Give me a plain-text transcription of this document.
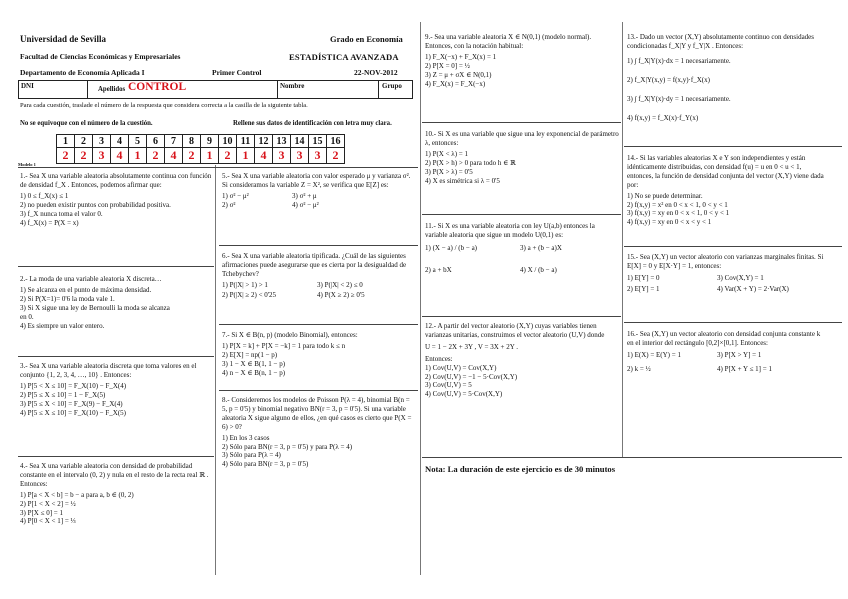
Universidad de Sevilla	Grado en Economía
Facultad de Ciencias Económicas y Empresariales	ESTADÍSTICA AVANZADA
Departamento de Economía Aplicada I	Primer Control	22-NOV-2012
DNI	Apellidos CONTROL	Nombre	Grupo
Para cada cuestión, traslade el número de la respuesta que considera correcta a la casilla de la siguiente tabla.
No se equivoque con el número de la cuestión.	Rellene sus datos de identificación con letra muy clara.
1	2	3	4	5	6	7	8	9	10	11	12	13	14	15	16
2	2	3	4	1	2	4	2	1	2	1	4	3	3	3	2
Modelo 1
1.- Sea X una variable aleatoria absolutamente continua con función de densidad f_X . Entonces, podemos afirmar que:
1) 0 ≤ f_X(x) ≤ 1
2) no pueden existir puntos con probabilidad positiva.
3) f_X nunca toma el valor 0.
4) f_X(x) = P(X = x)
2.- La moda de una variable aleatoria X discreta…
1) Se alcanza en el punto de máxima densidad.
2) Si P(X=1)= 0'6 la moda vale 1.
3) Si X sigue una ley de Bernoulli la moda se alcanza
en 0.
4) Es siempre un valor entero.
3.- Sea X una variable aleatoria discreta que toma valores en el conjunto {1, 2, 3, 4, …, 10} . Entonces:
1) P[5 < X ≤ 10] = F_X(10) − F_X(4)
2) P[5 ≤ X ≤ 10] = 1 − F_X(5)
3) P[5 ≤ X < 10] = F_X(9) − F_X(4)
4) P[5 ≤ X ≤ 10] = F_X(10) − F_X(5)
4.- Sea X una variable aleatoria con densidad de probabilidad constante en el intervalo (0, 2) y nula en el resto de la recta real ℝ . Entonces:
1) P[a < X < b] = b − a para a, b ∈ (0, 2)
2) P[1 < X < 2] = ½
3) P[X ≤ 0] = 1
4) P[0 < X < 1] = ⅓
5.- Sea X una variable aleatoria con valor esperado μ y varianza σ². Si consideramos la variable Z = X², se verifica que E[Z] es:
1) σ² − μ²	3) σ² + μ
2) σ²	4) σ² − μ²
6.- Sea X una variable aleatoria tipificada. ¿Cuál de las siguientes afirmaciones puede asegurarse que es cierta por la desigualdad de Tchebychev?
1) P(|X| > 1) > 1	3) P(|X| < 2) ≤ 0
2) P(|X| ≥ 2) < 0'25	4) P(X ≥ 2) ≥ 0'5
7.- Si X ∈ B(n, p) (modelo Binomial), entonces:
1) P[X = k] + P[X = −k] = 1 para todo k ≤ n
2) E[X] = np(1 − p)
3) 1 − X ∈ B(1, 1 − p)
4) n − X ∈ B(n, 1 − p)
8.- Consideremos los modelos de Poisson P(λ = 4), binomial B(n = 5, p = 0'5) y binomial negativo BN(r = 3, p = 0'5). Si una variable aleatoria X sigue alguno de ellos, ¿en qué casos es cierto que P(X = 6) > 0?
1) En los 3 casos
2) Sólo para BN(r = 3, p = 0'5) y para P(λ = 4)
3) Sólo para P(λ = 4)
4) Sólo para BN(r = 3, p = 0'5)
9.- Sea una variable aleatoria X ∈ N(0,1) (modelo normal). Entonces, con la notación habitual:
1) F_X(−x) + F_X(x) = 1
2) P[X = 0] = ½
3) Z = μ + σX ∈ N(0,1)
4) F_X(x) = F_X(−x)
10.- Si X es una variable que sigue una ley exponencial de parámetro λ, entonces:
1) P(X < λ) = 1
2) P(X > h) > 0 para todo h ∈ ℝ
3) P(X > λ) = 0'5
4) X es simétrica si λ = 0'5
11.- Si X es una variable aleatoria con ley U(a,b) entonces la variable aleatoria que sigue un modelo U(0,1) es:
1) (X − a) / (b − a)	3) a + (b − a)X
2) a + bX	4) X / (b − a)
12.- A partir del vector aleatorio (X,Y) cuyas variables tienen varianzas unitarias, construimos el vector aleatorio (U,V) donde
U = 1 − 2X + 3Y , V = 3X + 2Y .
Entonces:
1) Cov(U,V) = Cov(X,Y)
2) Cov(U,V) = −1 − 5·Cov(X,Y)
3) Cov(U,V) = 5
4) Cov(U,V) = 5·Cov(X,Y)
Nota: La duración de este ejercicio es de 30 minutos
13.- Dado un vector (X,Y) absolutamente continuo con densidades condicionadas f_X|Y y f_Y|X . Entonces:
1) ∫ f_X|Y(x)·dx = 1 necesariamente.
2) f_X|Y(x,y) = f(x,y)·f_X(x)
3) ∫ f_X|Y(x)·dy = 1 necesariamente.
4) f(x,y) = f_X(x)·f_Y(x)
14.- Si las variables aleatorias X e Y son independientes y están idénticamente distribuidas, con densidad f(u) = u en 0 < u < 1, entonces, la función de densidad conjunta del vector (X,Y) viene dada por:
1) No se puede determinar.
2) f(x,y) = x² en 0 < x < 1, 0 < y < 1
3) f(x,y) = xy en 0 < x < 1, 0 < y < 1
4) f(x,y) = xy en 0 < x < y < 1
15.- Sea (X,Y) un vector aleatorio con varianzas marginales finitas. Si E[X] = 0 y E[X·Y] = 1, entonces:
1) E[Y] = 0	3) Cov(X,Y) = 1
2) E[Y] = 1	4) Var(X + Y) = 2·Var(X)
16.- Sea (X,Y) un vector aleatorio con densidad conjunta constante k en el interior del rectángulo [0,2]×[0,1]. Entonces:
1) E(X) = E(Y) = 1	3) P[X > Y] = 1
2) k = ½	4) P[X + Y ≤ 1] = 1
